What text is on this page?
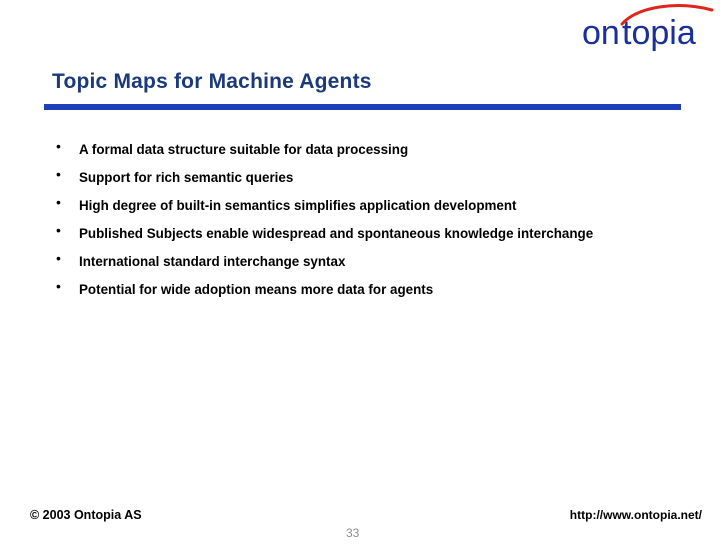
on topia
Topic Maps for Machine Agents
• A formal data structure suitable for data processing
• Support for rich semantic queries
• High degree of built-in semantics simplifies application development
• Published Subjects enable widespread and spontaneous knowledge interchange
• International standard interchange syntax
• Potential for wide adoption means more data for agents
© 2003 Ontopia AS	http://www.ontopia.net/
33
